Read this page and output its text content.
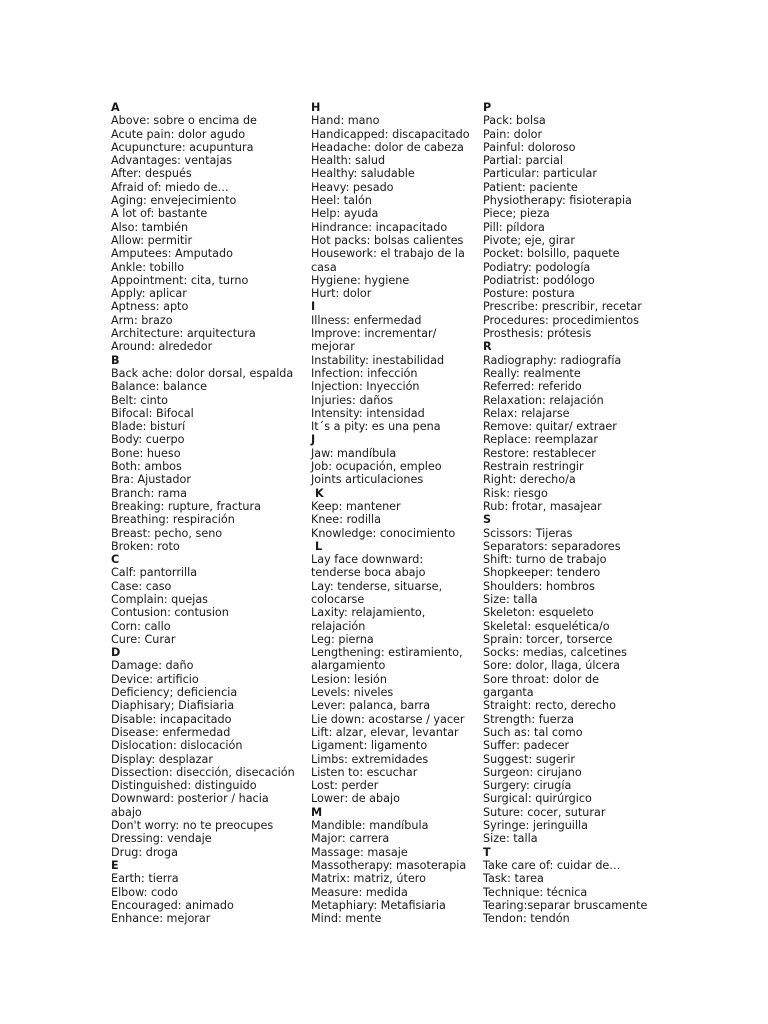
A
Above: sobre o encima de
Acute pain: dolor agudo
Acupuncture: acupuntura
Advantages: ventajas
After: después
Afraid of: miedo de…
Aging: envejecimiento
A lot of: bastante
Also: también
Allow: permitir
Amputees: Amputado
Ankle: tobillo
Appointment: cita, turno
Apply: aplicar
Aptness: apto
Arm: brazo
Architecture: arquitectura
Around: alrededor
B
Back ache: dolor dorsal, espalda
Balance: balance
Belt: cinto
Bifocal: Bifocal
Blade: bisturí
Body: cuerpo
Bone: hueso
Both: ambos
Bra: Ajustador
Branch: rama
Breaking: rupture, fractura
Breathing: respiración
Breast: pecho, seno
Broken: roto
C
Calf: pantorrilla
Case: caso
Complain: quejas
Contusion: contusion
Corn: callo
Cure: Curar
D
Damage: daño
Device: artificio
Deficiency; deficiencia
Diaphisary; Diafisiaria
Disable: incapacitado
Disease: enfermedad
Dislocation: dislocación
Display: desplazar
Dissection: disección, disecación
Distinguished: distinguido
Downward: posterior / hacia
abajo
Don't worry: no te preocupes
Dressing: vendaje
Drug: droga
E
Earth: tierra
Elbow: codo
Encouraged: animado
Enhance: mejorar
H
Hand: mano
Handicapped: discapacitado
Headache: dolor de cabeza
Health: salud
Healthy: saludable
Heavy: pesado
Heel: talón
Help: ayuda
Hindrance: incapacitado
Hot packs: bolsas calientes
Housework: el trabajo de la
casa
Hygiene: hygiene
Hurt: dolor
I
Illness: enfermedad
Improve: incrementar/
mejorar
Instability: inestabilidad
Infection: infección
Injection: Inyección
Injuries: daños
Intensity: intensidad
It´s a pity: es una pena
J
Jaw: mandíbula
Job: ocupación, empleo
Joints articulaciones
K
Keep: mantener
Knee: rodilla
Knowledge: conocimiento
L
Lay face downward:
tenderse boca abajo
Lay: tenderse, situarse,
colocarse
Laxity: relajamiento,
relajación
Leg: pierna
Lengthening: estiramiento,
alargamiento
Lesion: lesión
Levels: niveles
Lever: palanca, barra
Lie down: acostarse / yacer
Lift: alzar, elevar, levantar
Ligament: ligamento
Limbs: extremidades
Listen to: escuchar
Lost: perder
Lower: de abajo
M
Mandible: mandíbula
Major: carrera
Massage: masaje
Massotherapy: masoterapia
Matrix: matriz, útero
Measure: medida
Metaphiary: Metafisiaria
Mind: mente
P
Pack: bolsa
Pain: dolor
Painful: doloroso
Partial: parcial
Particular: particular
Patient: paciente
Physiotherapy: fisioterapia
Piece; pieza
Pill: píldora
Pivote; eje, girar
Pocket: bolsillo, paquete
Podiatry: podología
Podiatrist: podólogo
Posture: postura
Prescribe: prescribir, recetar
Procedures: procedimientos
Prosthesis: prótesis
R
Radiography: radiografía
Really: realmente
Referred: referido
Relaxation: relajación
Relax: relajarse
Remove: quitar/ extraer
Replace: reemplazar
Restore: restablecer
Restrain restringir
Right: derecho/a
Risk: riesgo
Rub: frotar, masajear
S
Scissors: Tijeras
Separators: separadores
Shift: turno de trabajo
Shopkeeper: tendero
Shoulders: hombros
Size: talla
Skeleton: esqueleto
Skeletal: esquelética/o
Sprain: torcer, torserce
Socks: medias, calcetines
Sore: dolor, llaga, úlcera
Sore throat: dolor de
garganta
Straight: recto, derecho
Strength: fuerza
Such as: tal como
Suffer: padecer
Suggest: sugerir
Surgeon: cirujano
Surgery: cirugía
Surgical: quirúrgico
Suture: cocer, suturar
Syringe: jeringuilla
Size: talla
T
Take care of: cuidar de…
Task: tarea
Technique: técnica
Tearing:separar bruscamente
Tendon: tendón
